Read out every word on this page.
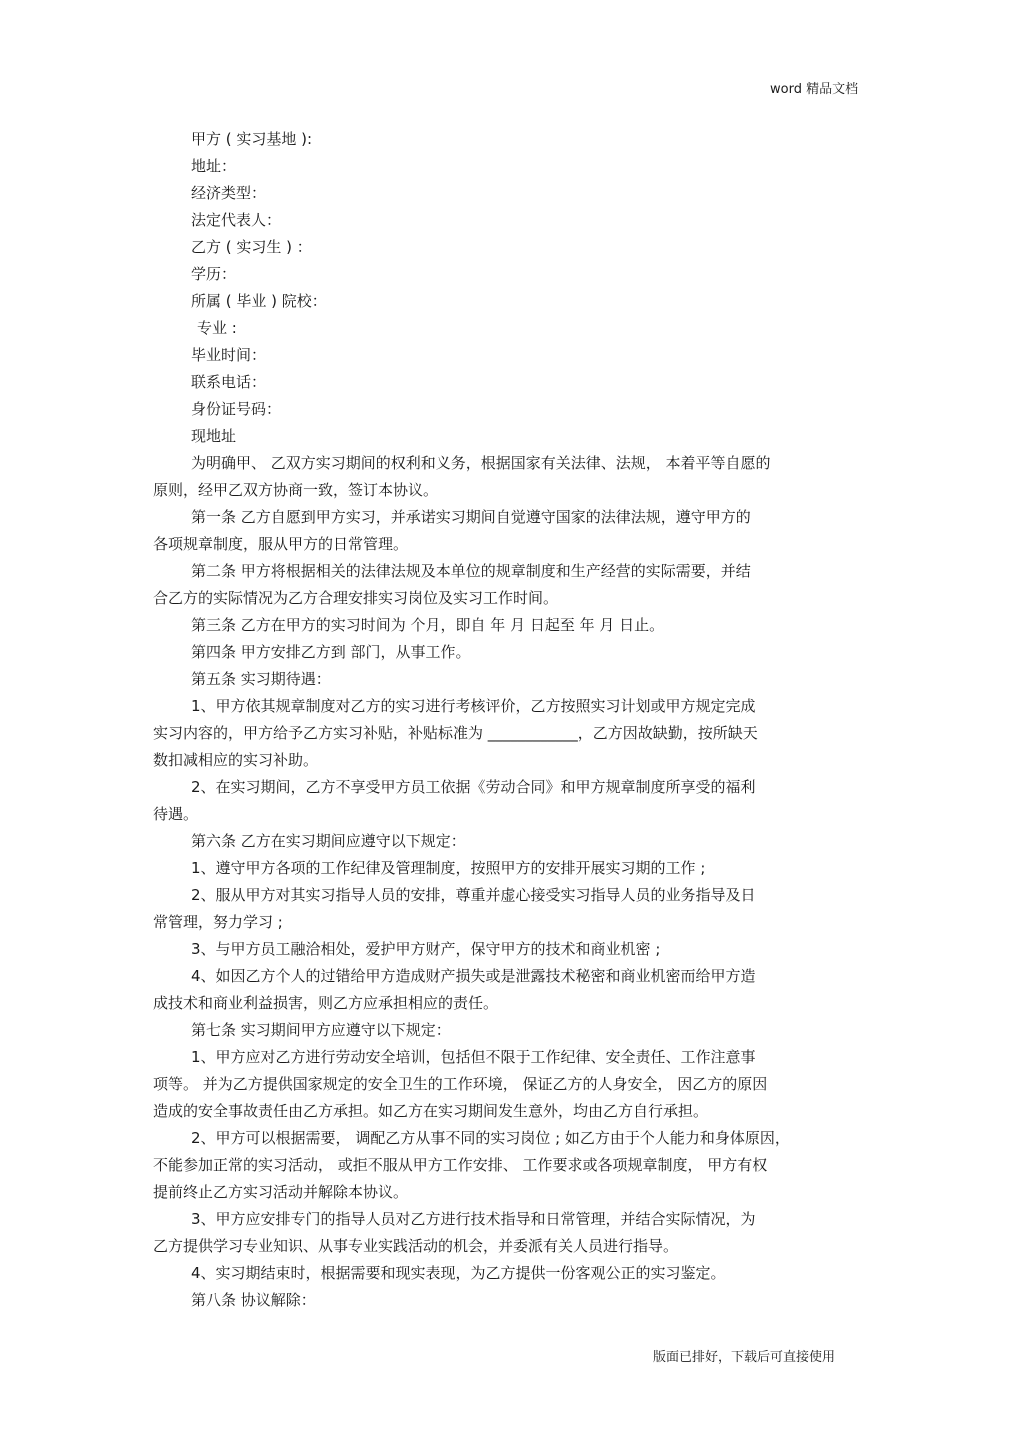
word 精品文档

甲方 ( 实习基地 ):

地址：

经济类型：

法定代表人：

乙方 ( 实习生 ) ：

学历：

所属 ( 毕业 ) 院校：

专业 :

毕业时间：

联系电话：

身份证号码：

现地址

为明确甲、 乙双方实习期间的权利和义务，根据国家有关法律、法规， 本着平等自愿的

原则，经甲乙双方协商一致，签订本协议。

第一条 乙方自愿到甲方实习，并承诺实习期间自觉遵守国家的法律法规，遵守甲方的

各项规章制度，服从甲方的日常管理。

第二条 甲方将根据相关的法律法规及本单位的规章制度和生产经营的实际需要，并结

合乙方的实际情况为乙方合理安排实习岗位及实习工作时间。

第三条 乙方在甲方的实习时间为 个月，即自 年 月 日起至 年 月 日止。

第四条 甲方安排乙方到 部门，从事工作。

第五条 实习期待遇：

1、甲方依其规章制度对乙方的实习进行考核评价，乙方按照实习计划或甲方规定完成

实习内容的，甲方给予乙方实习补贴，补贴标准为 ____________，乙方因故缺勤，按所缺天

数扣减相应的实习补助。

2、在实习期间，乙方不享受甲方员工依据《劳动合同》和甲方规章制度所享受的福利

待遇。

第六条 乙方在实习期间应遵守以下规定：

1、遵守甲方各项的工作纪律及管理制度，按照甲方的安排开展实习期的工作 ;

2、服从甲方对其实习指导人员的安排，尊重并虚心接受实习指导人员的业务指导及日

常管理，努力学习 ;

3、与甲方员工融洽相处，爱护甲方财产，保守甲方的技术和商业机密 ;

4、如因乙方个人的过错给甲方造成财产损失或是泄露技术秘密和商业机密而给甲方造

成技术和商业利益损害，则乙方应承担相应的责任。

第七条 实习期间甲方应遵守以下规定：

1、甲方应对乙方进行劳动安全培训，包括但不限于工作纪律、安全责任、工作注意事

项等。 并为乙方提供国家规定的安全卫生的工作环境， 保证乙方的人身安全， 因乙方的原因

造成的安全事故责任由乙方承担。如乙方在实习期间发生意外，均由乙方自行承担。

2、甲方可以根据需要， 调配乙方从事不同的实习岗位 ; 如乙方由于个人能力和身体原因，

不能参加正常的实习活动， 或拒不服从甲方工作安排、 工作要求或各项规章制度， 甲方有权

提前终止乙方实习活动并解除本协议。

3、甲方应安排专门的指导人员对乙方进行技术指导和日常管理，并结合实际情况，为

乙方提供学习专业知识、从事专业实践活动的机会，并委派有关人员进行指导。

4、实习期结束时，根据需要和现实表现，为乙方提供一份客观公正的实习鉴定。

第八条 协议解除：

版面已排好，下载后可直接使用
